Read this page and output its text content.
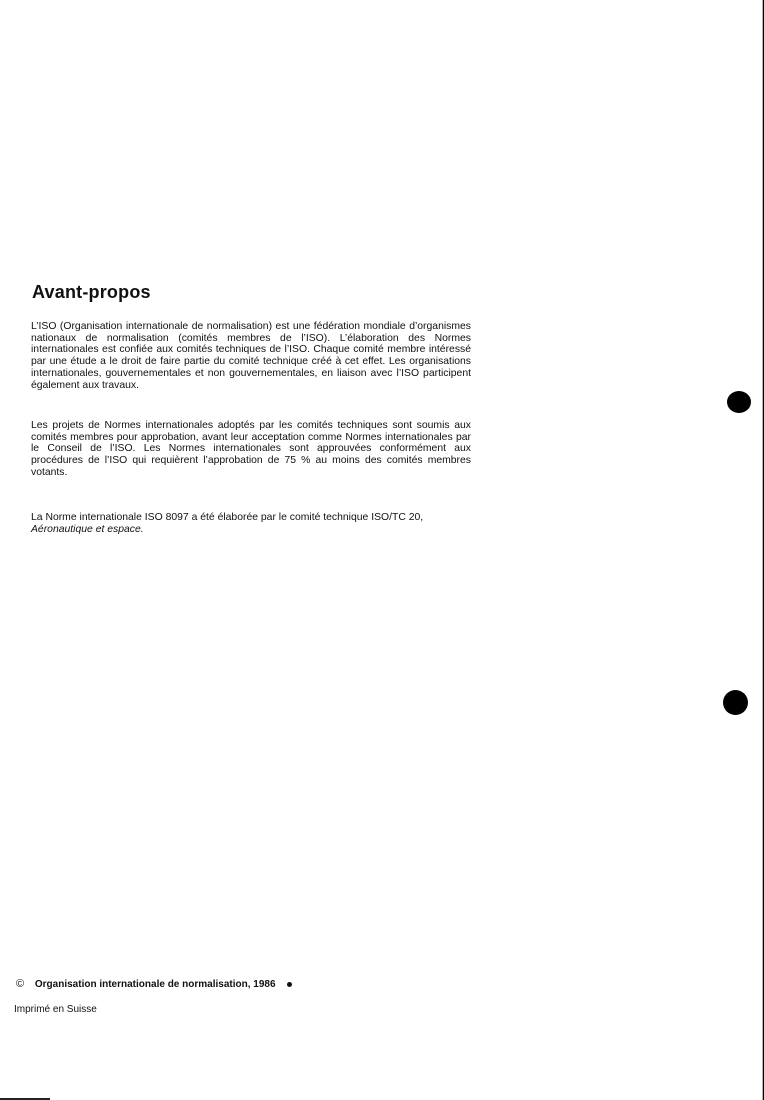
Avant-propos

L’ISO (Organisation internationale de normalisation) est une fédération mondiale d’organismes nationaux de normalisation (comités membres de l’ISO). L’élaboration des Normes internationales est confiée aux comités techniques de l’ISO. Chaque comité membre intéressé par une étude a le droit de faire partie du comité technique créé à cet effet. Les organisations internationales, gouvernementales et non gouvernementales, en liaison avec l’ISO participent également aux travaux.

Les projets de Normes internationales adoptés par les comités techniques sont soumis aux comités membres pour approbation, avant leur acceptation comme Normes internationales par le Conseil de l’ISO. Les Normes internationales sont approuvées conformément aux procédures de l’ISO qui requièrent l’approbation de 75 % au moins des comités membres votants.

La Norme internationale ISO 8097 a été élaborée par le comité technique ISO/TC 20,
Aéronautique et espace.

© Organisation internationale de normalisation, 1986
Imprimé en Suisse
